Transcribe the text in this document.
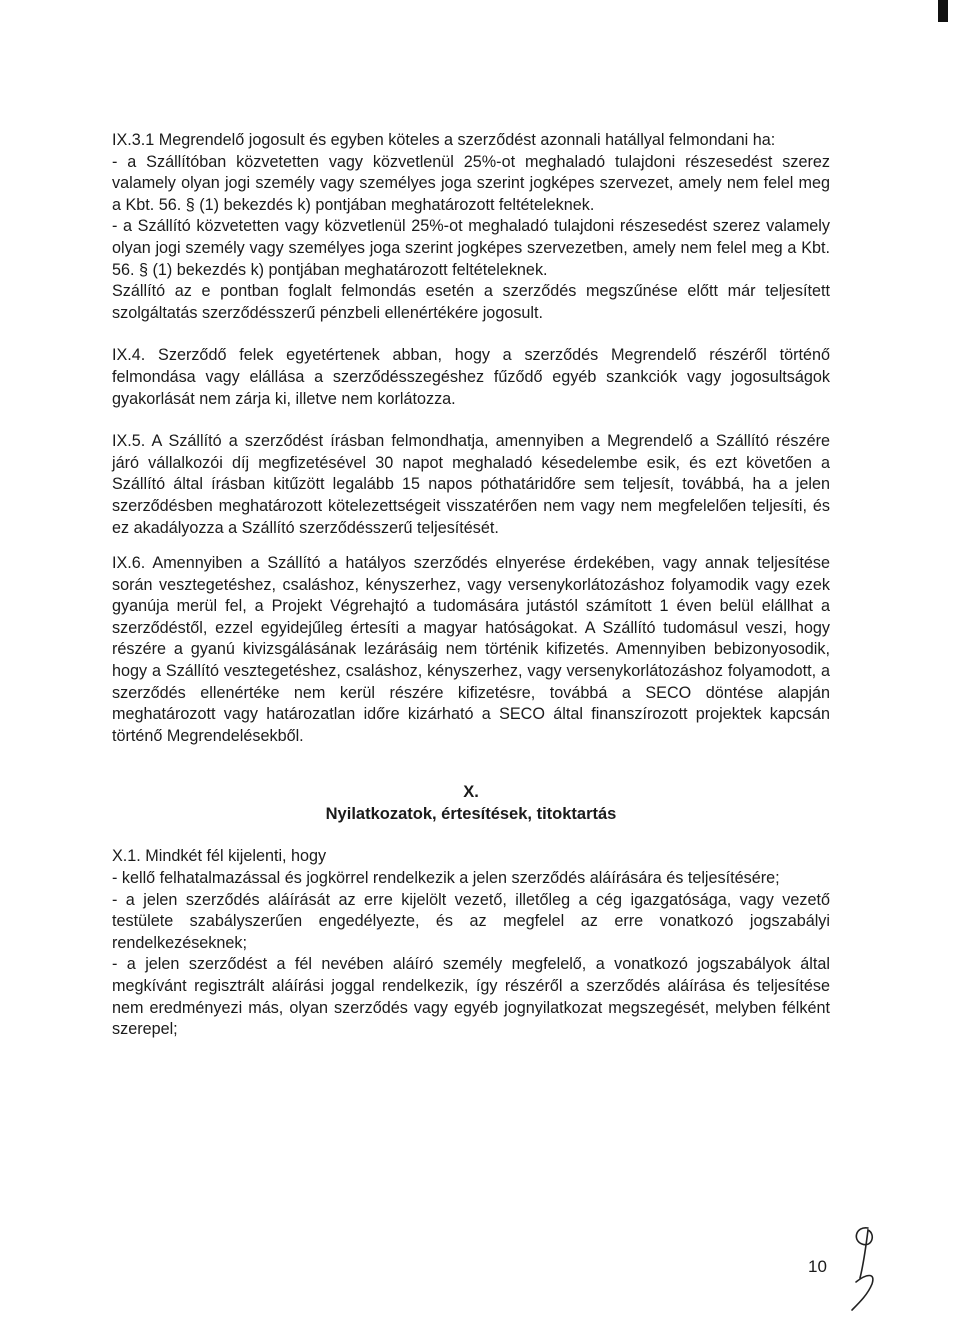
IX.3.1 Megrendelő jogosult és egyben köteles a szerződést azonnali hatállyal felmondani ha:

- a Szállítóban közvetetten vagy közvetlenül 25%-ot meghaladó tulajdoni részesedést szerez valamely olyan jogi személy vagy személyes joga szerint jogképes szervezet, amely nem felel meg a Kbt. 56. § (1) bekezdés k) pontjában meghatározott feltételeknek.

- a Szállító közvetetten vagy közvetlenül 25%-ot meghaladó tulajdoni részesedést szerez valamely olyan jogi személy vagy személyes joga szerint jogképes szervezetben, amely nem felel meg a Kbt. 56. § (1) bekezdés k) pontjában meghatározott feltételeknek.

Szállító az e pontban foglalt felmondás esetén a szerződés megszűnése előtt már teljesített szolgáltatás szerződésszerű pénzbeli ellenértékére jogosult.

IX.4. Szerződő felek egyetértenek abban, hogy a szerződés Megrendelő részéről történő felmondása vagy elállása a szerződésszegéshez fűződő egyéb szankciók vagy jogosultságok gyakorlását nem zárja ki, illetve nem korlátozza.

IX.5. A Szállító a szerződést írásban felmondhatja, amennyiben a Megrendelő a Szállító részére járó vállalkozói díj megfizetésével 30 napot meghaladó késedelembe esik, és ezt követően a Szállító által írásban kitűzött legalább 15 napos póthatáridőre sem teljesít, továbbá, ha a jelen szerződésben meghatározott kötelezettségeit visszatérően nem vagy nem megfelelően teljesíti, és ez akadályozza a Szállító szerződésszerű teljesítését.

IX.6. Amennyiben a Szállító a hatályos szerződés elnyerése érdekében, vagy annak teljesítése során vesztegetéshez, csaláshoz, kényszerhez, vagy versenykorlátozáshoz folyamodik vagy ezek gyanúja merül fel, a Projekt Végrehajtó a tudomására jutástól számított 1 éven belül elállhat a szerződéstől, ezzel egyidejűleg értesíti a magyar hatóságokat. A Szállító tudomásul veszi, hogy részére a gyanú kivizsgálásának lezárásáig nem történik kifizetés. Amennyiben bebizonyosodik, hogy a Szállító vesztegetéshez, csaláshoz, kényszerhez, vagy versenykorlátozáshoz folyamodott, a szerződés ellenértéke nem kerül részére kifizetésre, továbbá a SECO döntése alapján meghatározott vagy határozatlan időre kizárható a SECO által finanszírozott projektek kapcsán történő Megrendelésekből.

X.
Nyilatkozatok, értesítések, titoktartás

X.1. Mindkét fél kijelenti, hogy

- kellő felhatalmazással és jogkörrel rendelkezik a jelen szerződés aláírására és teljesítésére;

- a jelen szerződés aláírását az erre kijelölt vezető, illetőleg a cég igazgatósága, vagy vezető testülete szabályszerűen engedélyezte, és az megfelel az erre vonatkozó jogszabályi rendelkezéseknek;

- a jelen szerződést a fél nevében aláíró személy megfelelő, a vonatkozó jogszabályok által megkívánt regisztrált aláírási joggal rendelkezik, így részéről a szerződés aláírása és teljesítése nem eredményezi más, olyan szerződés vagy egyéb jognyilatkozat megszegését, melyben félként szerepel;

10
